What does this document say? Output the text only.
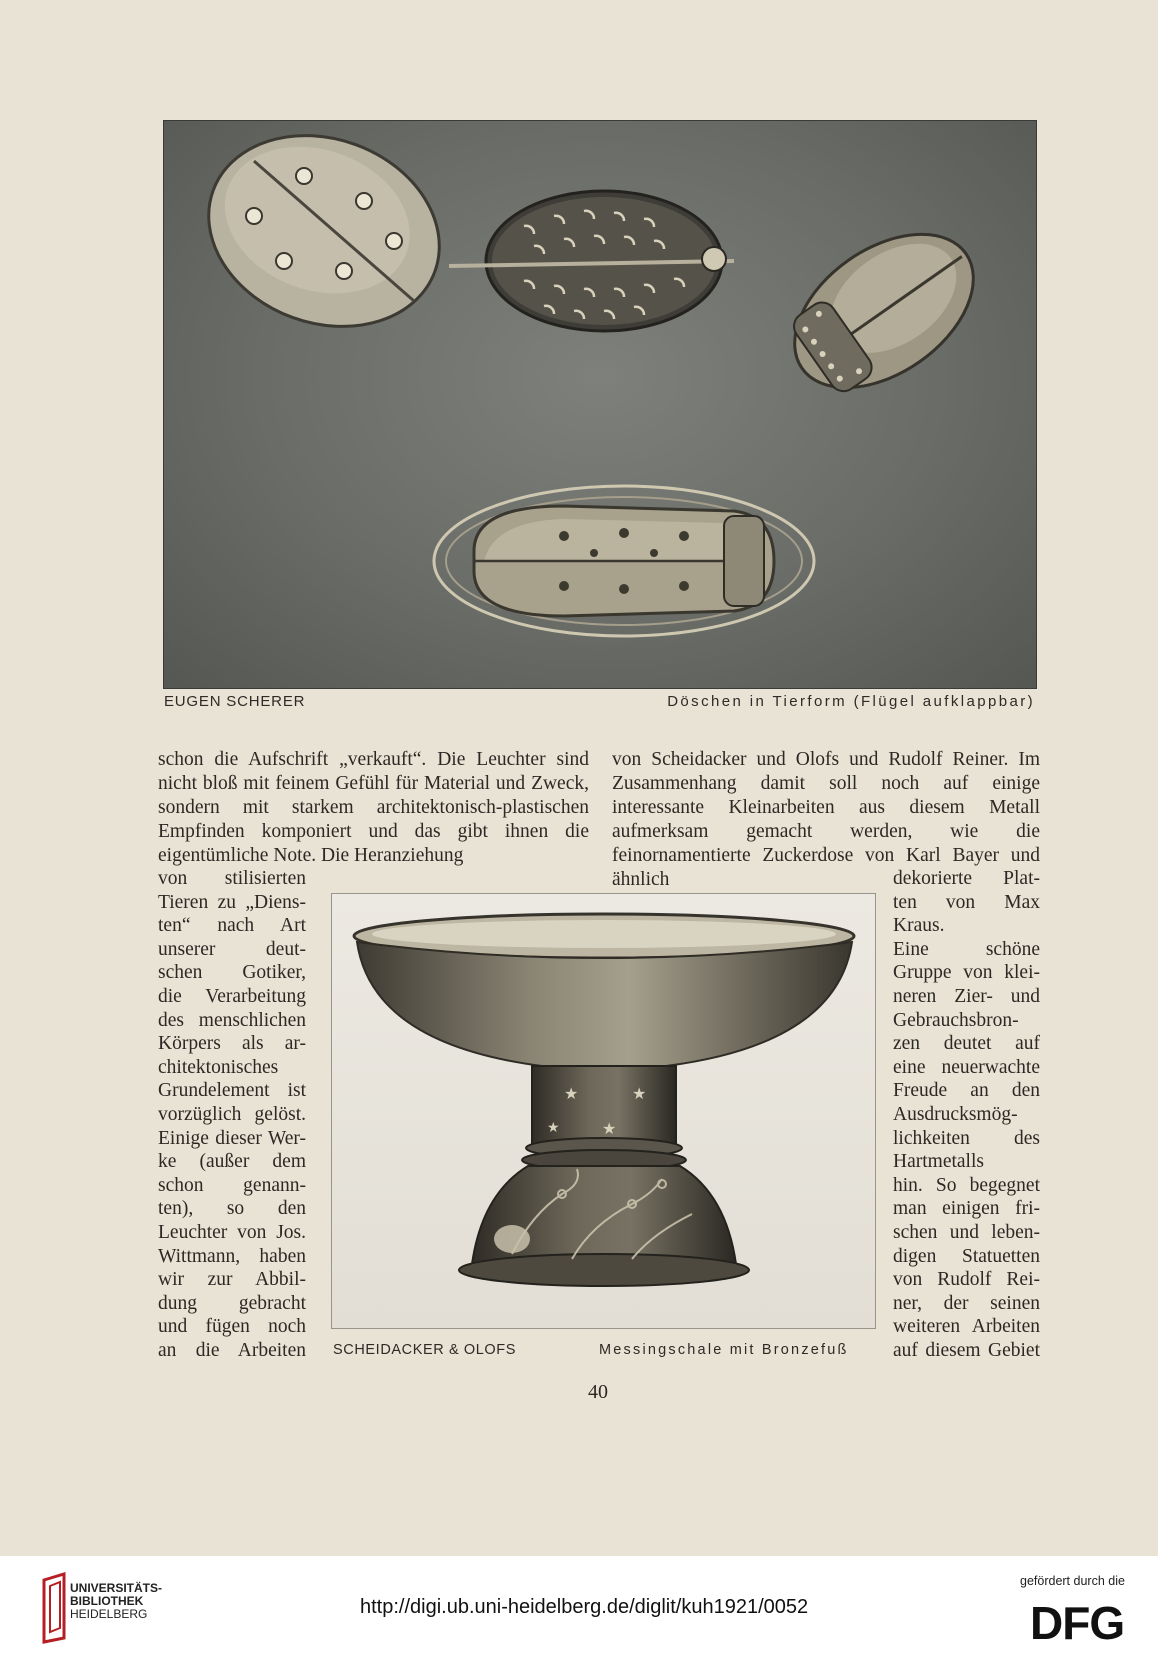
EUGEN SCHERER	Döschen in Tierform (Flügel aufklappbar)

schon die Aufschrift „verkauft“. Die Leuchter sind nicht bloß mit feinem Gefühl für Material und Zweck, sondern mit starkem architektonisch-plastischen Empfinden komponiert und das gibt ihnen die eigentümliche Note. Die Heranziehung

von Scheidacker und Olofs und Rudolf Reiner. Im Zusammenhang damit soll noch auf einige interessante Kleinarbeiten aus diesem Metall aufmerksam gemacht werden, wie die feinornamentierte Zuckerdose von Karl Bayer und ähnlich

von stilisierten
Tieren zu „Diens-
ten“ nach Art
unserer deut-
schen Gotiker,
die Verarbeitung
des menschlichen
Körpers als ar-
chitektonisches
Grundelement ist
vorzüglich gelöst.
Einige dieser Wer-
ke (außer dem
schon genann-
ten), so den
Leuchter von Jos.
Wittmann, haben
wir zur Abbil-
dung gebracht
und fügen noch
an die Arbeiten
dekorierte Plat-
ten von Max
Kraus.
Eine schöne
Gruppe von klei-
neren Zier- und
Gebrauchsbron-
zen deutet auf
eine neuerwachte
Freude an den
Ausdrucksmög-
lichkeiten des
Hartmetalls
hin. So begegnet
man einigen fri-
schen und leben-
digen Statuetten
von Rudolf Rei-
ner, der seinen
weiteren Arbeiten
auf diesem Gebiet
★	★
★
★
SCHEIDACKER & OLOFS	Messingschale mit Bronzefuß
40
UNIVERSITÄTS-
BIBLIOTHEK
HEIDELBERG	http://digi.ub.uni-heidelberg.de/diglit/kuh1921/0052
gefördert durch die
DFG
